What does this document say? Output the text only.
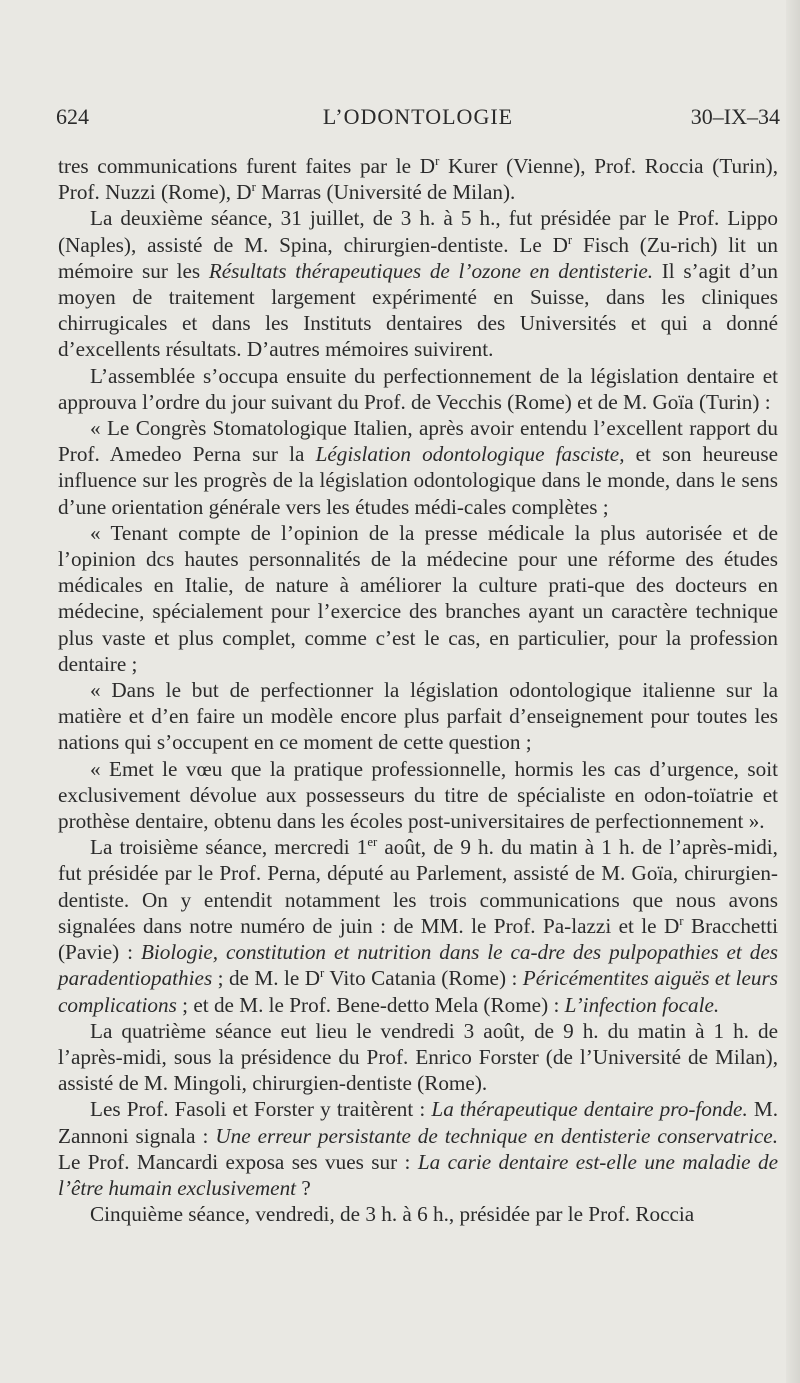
624	L’ODONTOLOGIE	30–IX–34

tres communications furent faites par le $D^r$ Kurer (Vienne), Prof. Roccia (Turin), Prof. Nuzzi (Rome), $D^r$ Marras (Université de Milan).

La deuxième séance, 31 juillet, de 3 h. à 5 h., fut présidée par le Prof. Lippo (Naples), assisté de M. Spina, chirurgien-dentiste. Le $D^r$ Fisch (Zu-rich) lit un mémoire sur les Résultats thérapeutiques de l’ozone en dentisterie. Il s’agit d’un moyen de traitement largement expérimenté en Suisse, dans les cliniques chirrugicales et dans les Instituts dentaires des Universités et qui a donné d’excellents résultats. D’autres mémoires suivirent.

L’assemblée s’occupa ensuite du perfectionnement de la législation dentaire et approuva l’ordre du jour suivant du Prof. de Vecchis (Rome) et de M. Goïa (Turin) :

« Le Congrès Stomatologique Italien, après avoir entendu l’excellent rapport du Prof. Amedeo Perna sur la Législation odontologique fasciste, et son heureuse influence sur les progrès de la législation odontologique dans le monde, dans le sens d’une orientation générale vers les études médi-cales complètes ;

« Tenant compte de l’opinion de la presse médicale la plus autorisée et de l’opinion dcs hautes personnalités de la médecine pour une réforme des études médicales en Italie, de nature à améliorer la culture prati-que des docteurs en médecine, spécialement pour l’exercice des branches ayant un caractère technique plus vaste et plus complet, comme c’est le cas, en particulier, pour la profession dentaire ;

« Dans le but de perfectionner la législation odontologique italienne sur la matière et d’en faire un modèle encore plus parfait d’enseignement pour toutes les nations qui s’occupent en ce moment de cette question ;

« Emet le vœu que la pratique professionnelle, hormis les cas d’urgence, soit exclusivement dévolue aux possesseurs du titre de spécialiste en odon-toïatrie et prothèse dentaire, obtenu dans les écoles post-universitaires de perfectionnement ».

La troisième séance, mercredi 1er août, de 9 h. du matin à 1 h. de l’après-midi, fut présidée par le Prof. Perna, député au Parlement, assisté de M. Goïa, chirurgien-dentiste. On y entendit notamment les trois communications que nous avons signalées dans notre numéro de juin : de MM. le Prof. Pa-lazzi et le $D^r$ Bracchetti (Pavie) : Biologie, constitution et nutrition dans le ca-dre des pulpopathies et des paradentiopathies ; de M. le $D^r$ Vito Catania (Rome) : Péricémentites aiguës et leurs complications ; et de M. le Prof. Bene-detto Mela (Rome) : L’infection focale.

La quatrième séance eut lieu le vendredi 3 août, de 9 h. du matin à 1 h. de l’après-midi, sous la présidence du Prof. Enrico Forster (de l’Université de Milan), assisté de M. Mingoli, chirurgien-dentiste (Rome).

Les Prof. Fasoli et Forster y traitèrent : La thérapeutique dentaire pro-fonde. M. Zannoni signala : Une erreur persistante de technique en dentisterie conservatrice. Le Prof. Mancardi exposa ses vues sur : La carie dentaire est-elle une maladie de l’être humain exclusivement ?

Cinquième séance, vendredi, de 3 h. à 6 h., présidée par le Prof. Roccia
